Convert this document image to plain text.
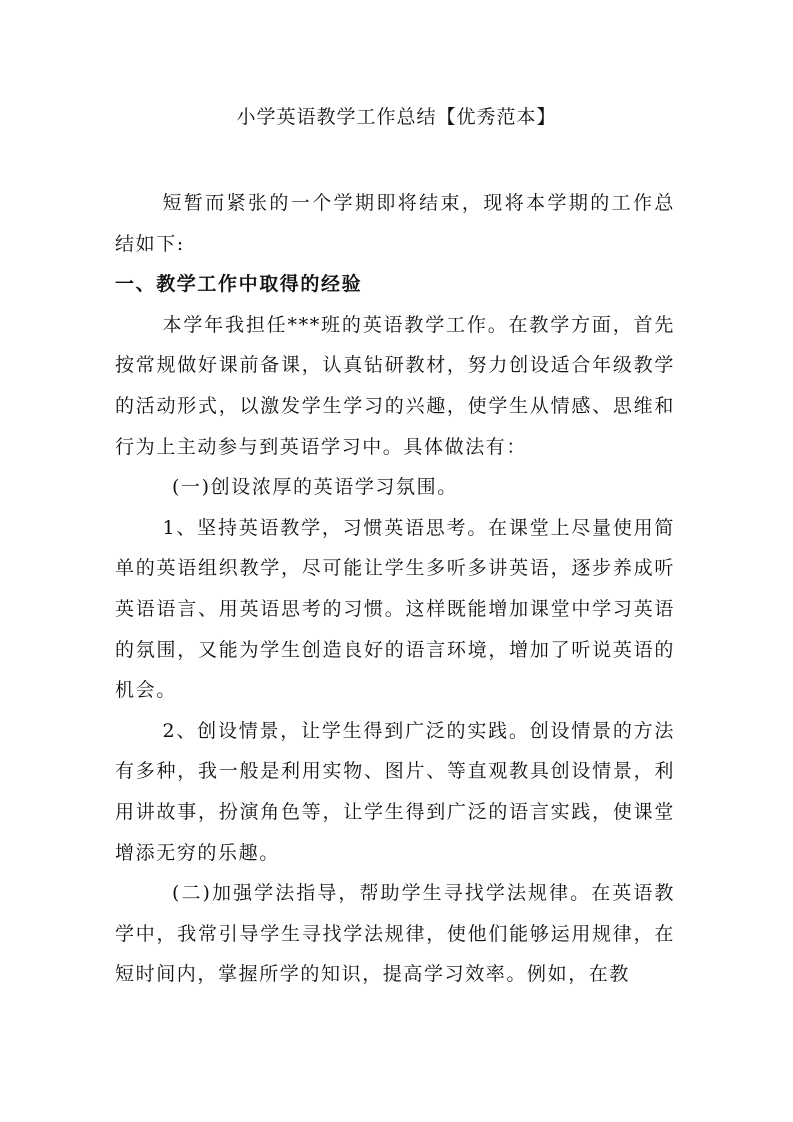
小学英语教学工作总结【优秀范本】

短暂而紧张的一个学期即将结束，现将本学期的工作总结如下:

一、教学工作中取得的经验

本学年我担任***班的英语教学工作。在教学方面，首先按常规做好课前备课，认真钻研教材，努力创设适合年级教学的活动形式，以激发学生学习的兴趣，使学生从情感、思维和行为上主动参与到英语学习中。具体做法有：

(一)创设浓厚的英语学习氛围。

1、坚持英语教学，习惯英语思考。在课堂上尽量使用简单的英语组织教学，尽可能让学生多听多讲英语，逐步养成听英语语言、用英语思考的习惯。这样既能增加课堂中学习英语的氛围，又能为学生创造良好的语言环境，增加了听说英语的机会。

2、创设情景，让学生得到广泛的实践。创设情景的方法有多种，我一般是利用实物、图片、等直观教具创设情景，利用讲故事，扮演角色等，让学生得到广泛的语言实践，使课堂增添无穷的乐趣。

(二)加强学法指导，帮助学生寻找学法规律。在英语教学中，我常引导学生寻找学法规律，使他们能够运用规律，在短时间内，掌握所学的知识，提高学习效率。例如，在教
